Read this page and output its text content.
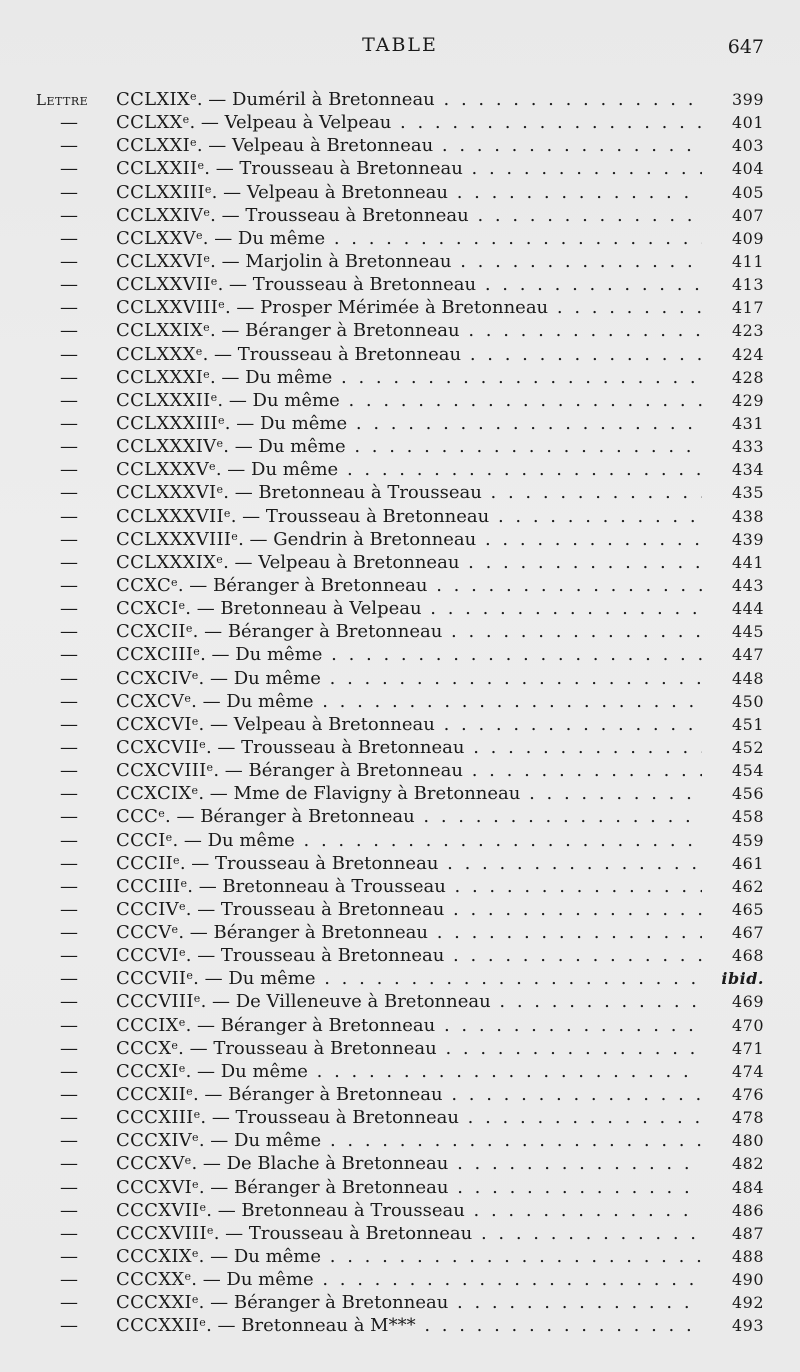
TABLE	647
Lettre	CCLXIXe. — Duméril à Bretonneau . . .	399
—	CCLXXe. — Velpeau à Velpeau . . .	401
—	CCLXXIe. — Velpeau à Bretonneau . . .	403
—	CCLXXIIe. — Trousseau à Bretonneau . . .	404
—	CCLXXIIIe. — Velpeau à Bretonneau . . .	405
—	CCLXXIVe. — Trousseau à Bretonneau . . .	407
—	CCLXXVe. — Du même . . .	409
—	CCLXXVIe. — Marjolin à Bretonneau . . .	411
—	CCLXXVIIe. — Trousseau à Bretonneau . . .	413
—	CCLXXVIIIe. — Prosper Mérimée à Bretonneau . . .	417
—	CCLXXIXe. — Béranger à Bretonneau . . .	423
—	CCLXXXe. — Trousseau à Bretonneau . . .	424
—	CCLXXXIe. — Du même . . .	428
—	CCLXXXIIe. — Du même . . .	429
—	CCLXXXIIIe. — Du même . . .	431
—	CCLXXXIVe. — Du même . . .	433
—	CCLXXXVe. — Du même . . .	434
—	CCLXXXVIe. — Bretonneau à Trousseau . . .	435
—	CCLXXXVIIe. — Trousseau à Bretonneau . . .	438
—	CCLXXXVIIIe. — Gendrin à Bretonneau . . .	439
—	CCLXXXIXe. — Velpeau à Bretonneau . . .	441
—	CCXCe. — Béranger à Bretonneau . . .	443
—	CCXCIe. — Bretonneau à Velpeau . . .	444
—	CCXCIIe. — Béranger à Bretonneau . . .	445
—	CCXCIIIe. — Du même . . .	447
—	CCXCIVe. — Du même . . .	448
—	CCXCVe. — Du même . . .	450
—	CCXCVIe. — Velpeau à Bretonneau . . .	451
—	CCXCVIIe. — Trousseau à Bretonneau . . .	452
—	CCXCVIIIe. — Béranger à Bretonneau . . .	454
—	CCXCIXe. — Mme de Flavigny à Bretonneau . . .	456
—	CCCe. — Béranger à Bretonneau . . .	458
—	CCCIe. — Du même . . .	459
—	CCCIIe. — Trousseau à Bretonneau . . .	461
—	CCCIIIe. — Bretonneau à Trousseau . . .	462
—	CCCIVe. — Trousseau à Bretonneau . . .	465
—	CCCVe. — Béranger à Bretonneau . . .	467
—	CCCVIe. — Trousseau à Bretonneau . . .	468
—	CCCVIIe. — Du même . . .	ibid.
—	CCCVIIIe. — De Villeneuve à Bretonneau . . .	469
—	CCCIXe. — Béranger à Bretonneau . . .	470
—	CCCXe. — Trousseau à Bretonneau . . .	471
—	CCCXIe. — Du même . . .	474
—	CCCXIIe. — Béranger à Bretonneau . . .	476
—	CCCXIIIe. — Trousseau à Bretonneau . . .	478
—	CCCXIVe. — Du même . . .	480
—	CCCXVe. — De Blache à Bretonneau . . .	482
—	CCCXVIe. — Béranger à Bretonneau . . .	484
—	CCCXVIIe. — Bretonneau à Trousseau . . .	486
—	CCCXVIIIe. — Trousseau à Bretonneau . . .	487
—	CCCXIXe. — Du même . . .	488
—	CCCXXe. — Du même . . .	490
—	CCCXXIe. — Béranger à Bretonneau . . .	492
—	CCCXXIIe. — Bretonneau à M*** . . .	493
